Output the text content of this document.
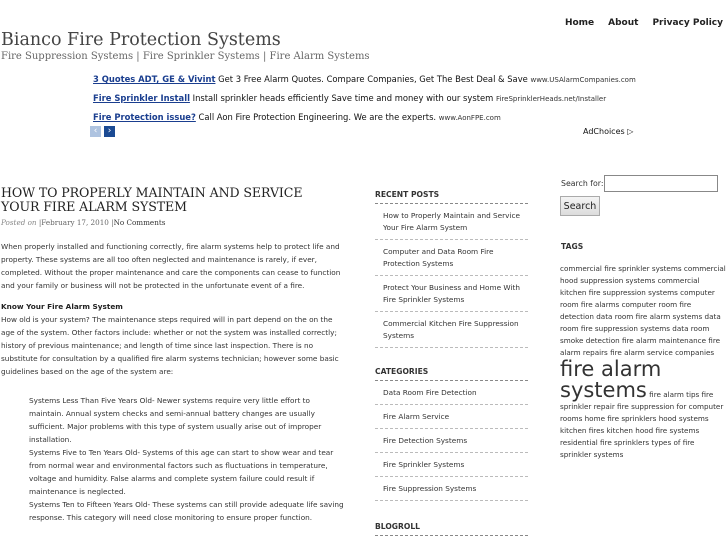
Home About Privacy Policy
Bianco Fire Protection Systems
Fire Suppression Systems | Fire Sprinkler Systems | Fire Alarm Systems
3 Quotes ADT, GE & Vivint Get 3 Free Alarm Quotes. Compare Companies, Get The Best Deal & Save www.USAlarmCompanies.com
Fire Sprinkler Install Install sprinkler heads efficiently Save time and money with our system FireSprinklerHeads.net/Installer
Fire Protection issue? Call Aon Fire Protection Engineering. We are the experts. www.AonFPE.com
‹	›	AdChoices ▷
HOW TO PROPERLY MAINTAIN AND SERVICE YOUR FIRE ALARM SYSTEM
Posted on |February 17, 2010 |No Comments

When properly installed and functioning correctly, fire alarm systems help to protect life and property. These systems are all too often neglected and maintenance is rarely, if ever, completed. Without the proper maintenance and care the components can cease to function and your family or business will not be protected in the unfortunate event of a fire.

Know Your Fire Alarm System

How old is your system? The maintenance steps required will in part depend on the on the age of the system. Other factors include: whether or not the system was installed correctly; history of previous maintenance; and length of time since last inspection. There is no substitute for consultation by a qualified fire alarm systems technician; however some basic guidelines based on the age of the system are:

Systems Less Than Five Years Old- Newer systems require very little effort to maintain. Annual system checks and semi-annual battery changes are usually sufficient. Major problems with this type of system usually arise out of improper installation.
Systems Five to Ten Years Old- Systems of this age can start to show wear and tear from normal wear and environmental factors such as fluctuations in temperature, voltage and humidity. False alarms and complete system failure could result if maintenance is neglected.
Systems Ten to Fifteen Years Old- These systems can still provide adequate life saving response. This category will need close monitoring to ensure proper function.
RECENT POSTS
How to Properly Maintain and Service Your Fire Alarm System
Computer and Data Room Fire Protection Systems
Protect Your Business and Home With Fire Sprinkler Systems
Commercial Kitchen Fire Suppression Systems
CATEGORIES
Data Room Fire Detection
Fire Alarm Service
Fire Detection Systems
Fire Sprinkler Systems
Fire Suppression Systems
BLOGROLL
Search for:
Search
TAGS
commercial fire sprinkler systems commercial hood suppression systems commercial kitchen fire suppression systems computer room fire alarms computer room fire detection data room fire alarm systems data room fire suppression systems data room smoke detection fire alarm maintenance fire alarm repairs fire alarm service companies fire alarm systems fire alarm tips fire sprinkler repair fire suppression for computer rooms home fire sprinklers hood systems kitchen fires kitchen hood fire systems residential fire sprinklers types of fire sprinkler systems
